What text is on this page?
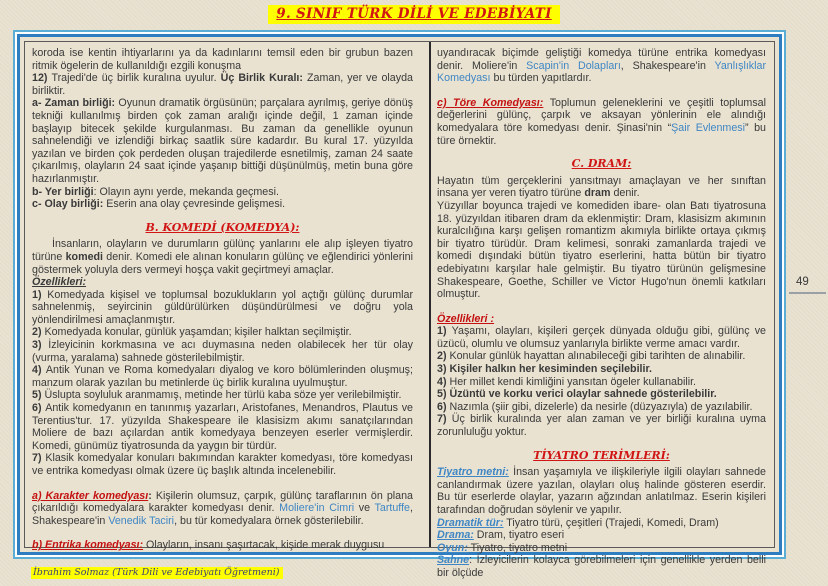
9. SINIF TÜRK DİLİ VE EDEBİYATI
koroda ise kentin ihtiyarlarını ya da kadınlarını temsil eden bir grubun bazen ritmik ögelerin de kullanıldığı ezgili konuşma
12) Trajedi'de üç birlik kuralına uyulur. Üç Birlik Kuralı: Zaman, yer ve olayda birliktir.
a- Zaman birliği: Oyunun dramatik örgüsünün; parçalara ayrılmış, geriye dönüş tekniği kullanılmış birden çok zaman aralığı içinde değil, 1 zaman içinde başlayıp bitecek şekilde kurgulanması. Bu zaman da genellikle oyunun sahnelendiği ve izlendiği birkaç saatlik süre kadardır. Bu kural 17. yüzyılda yazılan ve birden çok perdeden oluşan trajedilerde esnetilmiş, zaman 24 saate çıkarılmış, olayların 24 saat içinde yaşanıp bittiği düşünülmüş, metin buna göre hazırlanmıştır.
b- Yer birliği: Olayın aynı yerde, mekanda geçmesi.
c- Olay birliği: Eserin ana olay çevresinde gelişmesi.
B. KOMEDİ (KOMEDYA):
İnsanların, olayların ve durumların gülünç yanlarını ele alıp işleyen tiyatro türüne komedi denir. Komedi ele alınan konuların gülünç ve eğlendirici yönlerini göstermek yoluyla ders vermeyi hoşça vakit geçirtmeyi amaçlar.
Özellikleri:
1) Komedyada kişisel ve toplumsal bozuklukların yol açtığı gülünç durumlar sahnelenmiş, seyircinin güldürülürken düşündürülmesi ve doğru yola yönlendirilmesi amaçlanmıştır.
2) Komedyada konular, günlük yaşamdan; kişiler halktan seçilmiştir.
3) İzleyicinin korkmasına ve acı duymasına neden olabilecek her tür olay (vurma, yaralama) sahnede gösterilebilmiştir.
4) Antik Yunan ve Roma komedyaları diyalog ve koro bölümlerinden oluşmuş; manzum olarak yazılan bu metinlerde üç birlik kuralına uyulmuştur.
5) Üslupta soyluluk aranmamış, metinde her türlü kaba söze yer verilebilmiştir.
6) Antik komedyanın en tanınmış yazarları, Aristofanes, Menandros, Plautus ve Terentius'tur. 17. yüzyılda Shakespeare ile klasisizm akımı sanatçılarından Moliere de bazı açılardan antik komedyaya benzeyen eserler vermişlerdir. Komedi, günümüz tiyatrosunda da yaygın bir türdür.
7) Klasik komedyalar konuları bakımından karakter komedyası, töre komedyası ve entrika komedyası olmak üzere üç başlık altında incelenebilir.
a) Karakter komedyası: Kişilerin olumsuz, çarpık, gülünç taraflarının ön plana çıkarıldığı komedyalara karakter komedyası denir. Moliere'in Cimri ve Tartuffe, Shakespeare'in Venedik Taciri, bu tür komedyalara örnek gösterilebilir.
b) Entrika komedyası: Olayların, insanı şaşırtacak, kişide merak duygusu
uyandıracak biçimde geliştiği komedya türüne entrika komedyası denir. Moliere'in Scapin'in Dolapları, Shakespeare'in Yanlışlıklar Komedyası bu türden yapıtlardır.
c) Töre Komedyası: Toplumun geleneklerini ve çeşitli toplumsal değerlerini gülünç, çarpık ve aksayan yönlerinin ele alındığı komedyalara töre komedyası denir. Şinasi'nin “Şair Evlenmesi” bu türe örnektir.
C. DRAM:
Hayatın tüm gerçeklerini yansıtmayı amaçlayan ve her sınıftan insana yer veren tiyatro türüne dram denir.
Yüzyıllar boyunca trajedi ve komediden ibare- olan Batı tiyatrosuna 18. yüzyıldan itibaren dram da eklenmiştir: Dram, klasisizm akımının kuralcılığına karşı gelişen romantizm akımıyla birlikte ortaya çıkmış bir tiyatro türüdür. Dram kelimesi, sonraki zamanlarda trajedi ve komedi dışındaki bütün tiyatro eserlerini, hatta bütün bir tiyatro edebiyatını karşılar hale gelmiştir. Bu tiyatro türünün gelişmesine Shakespeare, Goethe, Schiller ve Victor Hugo'nun önemli katkıları olmuştur.
Özellikleri :
1) Yaşamı, olayları, kişileri gerçek dünyada olduğu gibi, gülünç ve üzücü, olumlu ve olumsuz yanlarıyla birlikte verme amacı vardır.
2) Konular günlük hayattan alınabileceği gibi tarihten de alınabilir.
3) Kişiler halkın her kesiminden seçilebilir.
4) Her millet kendi kimliğini yansıtan ögeler kullanabilir.
5) Üzüntü ve korku verici olaylar sahnede gösterilebilir.
6) Nazımla (şiir gibi, dizelerle) da nesirle (düzyazıyla) de yazılabilir.
7) Üç birlik kuralında yer alan zaman ve yer birliği kuralına uyma zorunluluğu yoktur.
TİYATRO TERİMLERİ:
Tiyatro metni: İnsan yaşamıyla ve ilişkileriyle ilgili olayları sahnede canlandırmak üzere yazılan, olayları oluş halinde gösteren eserdir. Bu tür eserlerde olaylar, yazarın ağzından anlatılmaz. Eserin kişileri tarafından doğrudan söylenir ve yapılır.
Dramatik tür: Tiyatro türü, çeşitleri (Trajedi, Komedi, Dram)
Drama: Dram, tiyatro eseri
Oyun: Tiyatro, tiyatro metni
Sahne: İzleyicilerin kolayca görebilmeleri için genellikle yerden belli bir ölçüde
49
İbrahim Solmaz (Türk Dili ve Edebiyatı Öğretmeni)
